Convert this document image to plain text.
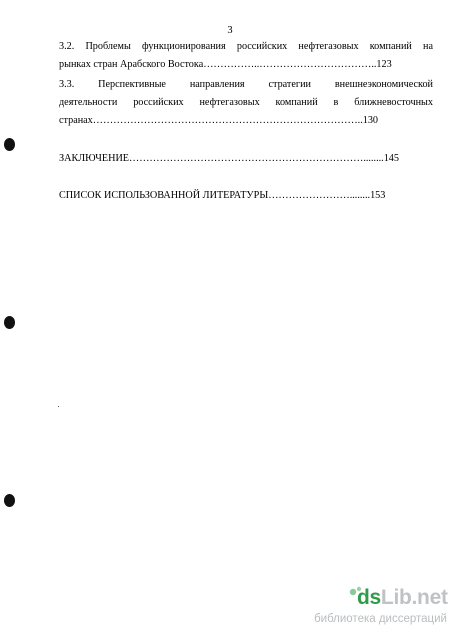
3
3.2. Проблемы функционирования российских нефтегазовых компаний на
рынках стран Арабского Востока……………..……………………………..123
3.3. Перспективные направления стратегии внешнеэкономической
деятельности российских нефтегазовых компаний в ближневосточных
странах……………………………………………………………………..130
ЗАКЛЮЧЕНИЕ……………………………………………………………........145
СПИСОК ИСПОЛЬЗОВАННОЙ ЛИТЕРАТУРЫ……………………........153
dsLib.net
библиотека диссертаций
